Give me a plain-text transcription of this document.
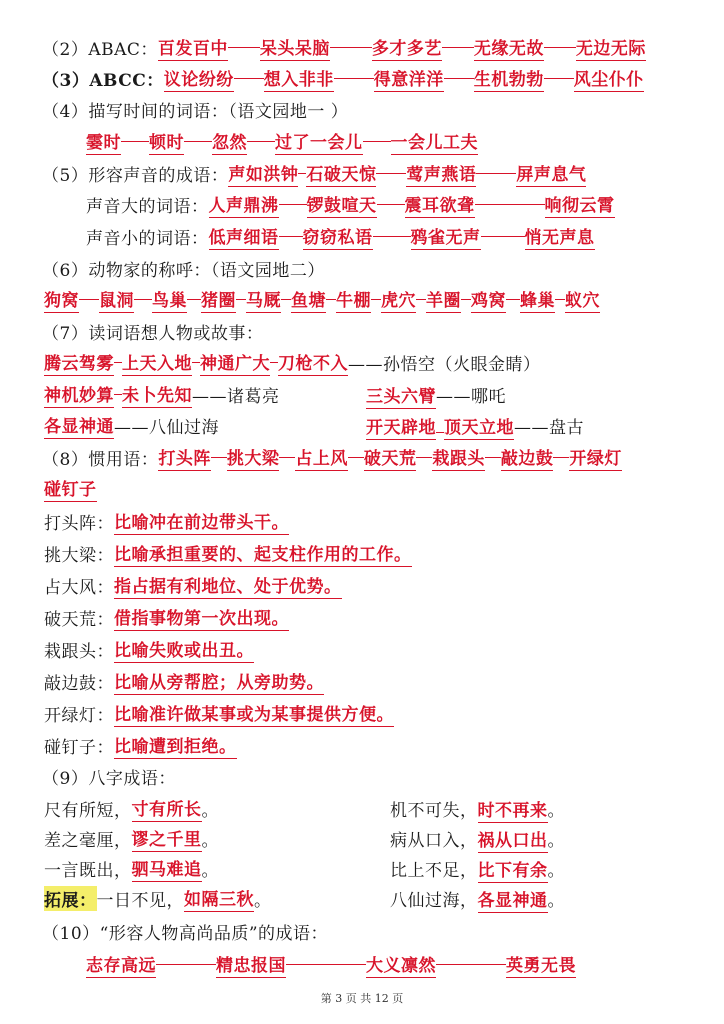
（2）ABAC： 百发百中 呆头呆脑 多才多艺 无缘无故 无边无际
（3）ABCC： 议论纷纷 想入非非 得意洋洋 生机勃勃 风尘仆仆
（4）描写时间的词语：（语文园地一 ）
霎时 顿时 忽然 过了一会儿 一会儿工夫
（5）形容声音的成语： 声如洪钟 石破天惊 莺声燕语 屏声息气
声音大的词语： 人声鼎沸 锣鼓喧天 震耳欲聋	响彻云霄
声音小的词语： 低声细语 窃窃私语 鸦雀无声	悄无声息
（6）动物家的称呼：（语文园地二）
狗窝 鼠洞 鸟巢 猪圈 马厩 鱼塘 牛棚 虎穴 羊圈 鸡窝 蜂巢 蚁穴
（7）读词语想人物或故事：
腾云驾雾 上天入地 神通广大 刀枪不入 ——孙悟空（火眼金睛）
神机妙算 未卜先知 ——诸葛亮	三头六臂——哪吒
各显神通 ——八仙过海	开天辟地 顶天立地——盘古
（8）惯用语： 打头阵 挑大梁 占上风 破天荒 栽跟头 敲边鼓 开绿灯
碰钉子
打头阵： 比喻冲在前边带头干。
挑大梁： 比喻承担重要的、起支柱作用的工作。
占大风： 指占据有利地位、处于优势。
破天荒： 借指事物第一次出现。
栽跟头： 比喻失败或出丑。
敲边鼓： 比喻从旁帮腔；从旁助势。
开绿灯： 比喻准许做某事或为某事提供方便。
碰钉子： 比喻遭到拒绝。
（9）八字成语：
尺有所短， 寸有所长 。	机不可失，时不再来。
差之毫厘， 谬之千里 。	病从口入，祸从口出。
一言既出， 驷马难追 。	比上不足，比下有余。
拓展： 一日不见， 如隔三秋 。	八仙过海，各显神通。
（10）“形容人物高尚品质”的成语：
志存高远	精忠报国	大义凛然	英勇无畏
第 3 页 共 12 页
